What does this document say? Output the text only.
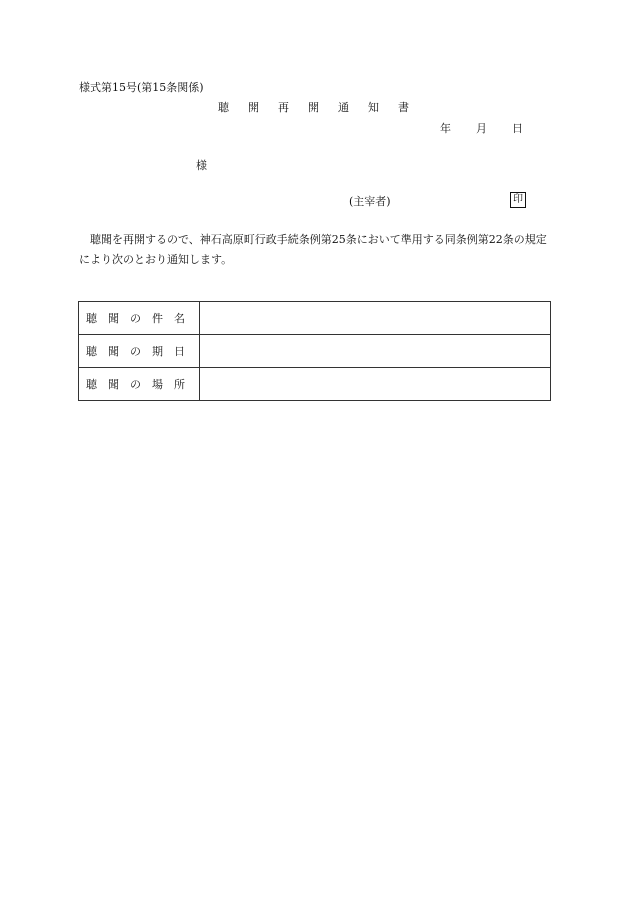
様式第15号(第15条関係)
聴 開 再 開 通 知 書
年 月 日
様
(主宰者)	印
聴聞を再開するので、神石高原町行政手続条例第25条において準用する同条例第22条の規定により次のとおり通知します。
聴　聞　の　件　名	
聴　聞　の　期　日	
聴　聞　の　場　所	
